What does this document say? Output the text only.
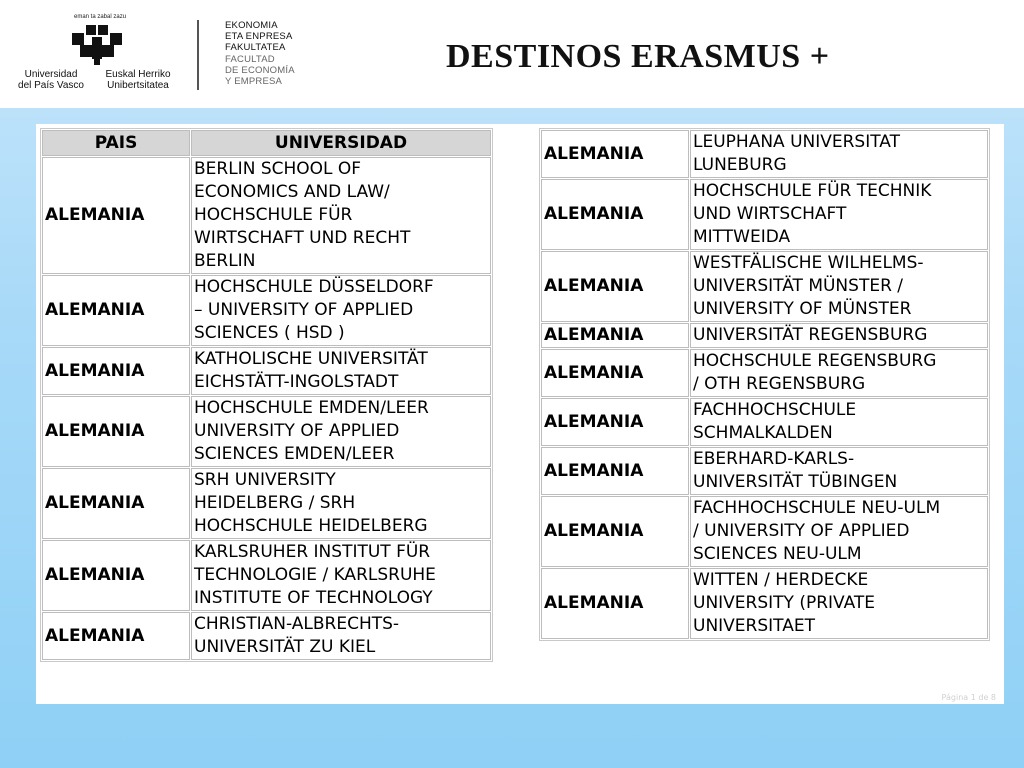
eman ta zabal zazu
Universidad
del País Vasco
Euskal Herriko
Unibertsitatea
EKONOMIA
ETA ENPRESA
FAKULTATEA
FACULTAD
DE ECONOMÍA
Y EMPRESA
DESTINOS ERASMUS +
PAIS	UNIVERSIDAD
ALEMANIA	BERLIN SCHOOL OF
ECONOMICS AND LAW/
HOCHSCHULE FÜR
WIRTSCHAFT UND RECHT
BERLIN

ALEMANIA	HOCHSCHULE DÜSSELDORF
– UNIVERSITY OF APPLIED
SCIENCES ( HSD )

ALEMANIA	KATHOLISCHE UNIVERSITÄT
EICHSTÄTT-INGOLSTADT

ALEMANIA	HOCHSCHULE EMDEN/LEER
UNIVERSITY OF APPLIED
SCIENCES EMDEN/LEER

ALEMANIA	SRH UNIVERSITY
HEIDELBERG / SRH
HOCHSCHULE HEIDELBERG

ALEMANIA	KARLSRUHER INSTITUT FÜR
TECHNOLOGIE / KARLSRUHE
INSTITUTE OF TECHNOLOGY

ALEMANIA	CHRISTIAN-ALBRECHTS-
UNIVERSITÄT ZU KIEL
ALEMANIA	LEUPHANA UNIVERSITAT
LUNEBURG

ALEMANIA	HOCHSCHULE FÜR TECHNIK
UND WIRTSCHAFT
MITTWEIDA

ALEMANIA	WESTFÄLISCHE WILHELMS-
UNIVERSITÄT MÜNSTER /
UNIVERSITY OF MÜNSTER

ALEMANIA	UNIVERSITÄT REGENSBURG

ALEMANIA	HOCHSCHULE REGENSBURG
/ OTH REGENSBURG

ALEMANIA	FACHHOCHSCHULE
SCHMALKALDEN

ALEMANIA	EBERHARD-KARLS-
UNIVERSITÄT TÜBINGEN

ALEMANIA	FACHHOCHSCHULE NEU-ULM
/ UNIVERSITY OF APPLIED
SCIENCES NEU-ULM

ALEMANIA	WITTEN / HERDECKE
UNIVERSITY (PRIVATE
UNIVERSITAET
Página 1 de 8
